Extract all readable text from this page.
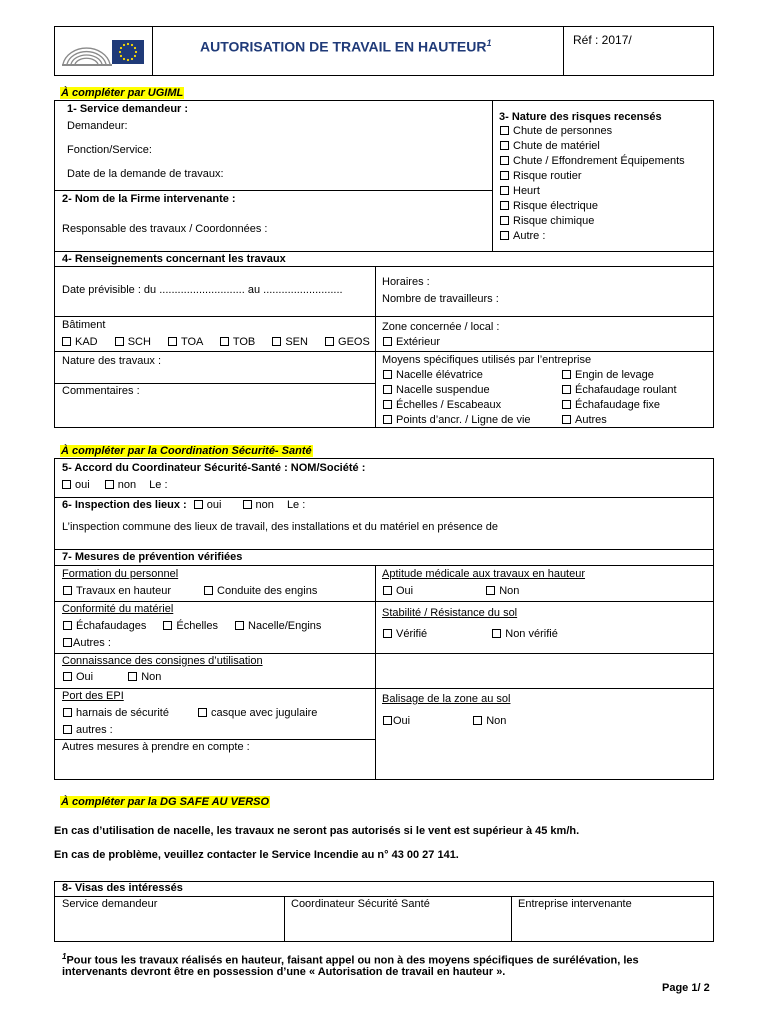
AUTORISATION DE TRAVAIL EN HAUTEUR$^1$	Réf : 2017/
À compléter par UGIML
1- Service demandeur :
Demandeur:
Fonction/Service:
Date de la demande de travaux:
2- Nom de la Firme intervenante :
Responsable des travaux / Coordonnées :
3- Nature des risques recensés
Chute de personnes
Chute de matériel
Chute / Effondrement Équipements
Risque routier
Heurt
Risque électrique
Risque chimique
Autre :
4- Renseignements concernant les travaux
Date prévisible : du ............................ au ..........................
Horaires :
Nombre de travailleurs :
Bâtiment
KAD	SCH	TOA	TOB	SEN	GEOS
Zone concernée / local :
Extérieur
Nature des travaux :
Commentaires :
Moyens spécifiques utilisés par l’entreprise
Nacelle élévatrice
Nacelle suspendue
Échelles / Escabeaux
Points d’ancr. / Ligne de vie
Engin de levage
Échafaudage roulant
Échafaudage fixe
Autres
À compléter par la Coordination Sécurité- Santé
5- Accord du Coordinateur Sécurité-Santé : NOM/Société :
oui	non Le :
6- Inspection des lieux : oui	non Le :
L’inspection commune des lieux de travail, des installations et du matériel en présence de
7- Mesures de prévention vérifiées
Formation du personnel
Travaux en hauteur	Conduite des engins
Aptitude médicale aux travaux en hauteur
Oui	Non
Conformité du matériel
Échafaudages	Échelles	Nacelle/Engins
Autres :
Stabilité / Résistance du sol
Vérifié	Non vérifié
Connaissance des consignes d’utilisation
Oui	Non
Port des EPI
harnais de sécurité	casque avec jugulaire
autres :
Balisage de la zone au sol
Oui	Non
Autres mesures à prendre en compte :
À compléter par la DG SAFE AU VERSO
En cas d’utilisation de nacelle, les travaux ne seront pas autorisés si le vent est supérieur à 45 km/h.
En cas de problème, veuillez contacter le Service Incendie au n° 43 00 27 141.
8- Visas des intéressés
Service demandeur	Coordinateur Sécurité Santé	Entreprise intervenante
$^1$Pour tous les travaux réalisés en hauteur, faisant appel ou non à des moyens spécifiques de surélévation, les
intervenants devront être en possession d’une « Autorisation de travail en hauteur ».
Page 1/ 2
